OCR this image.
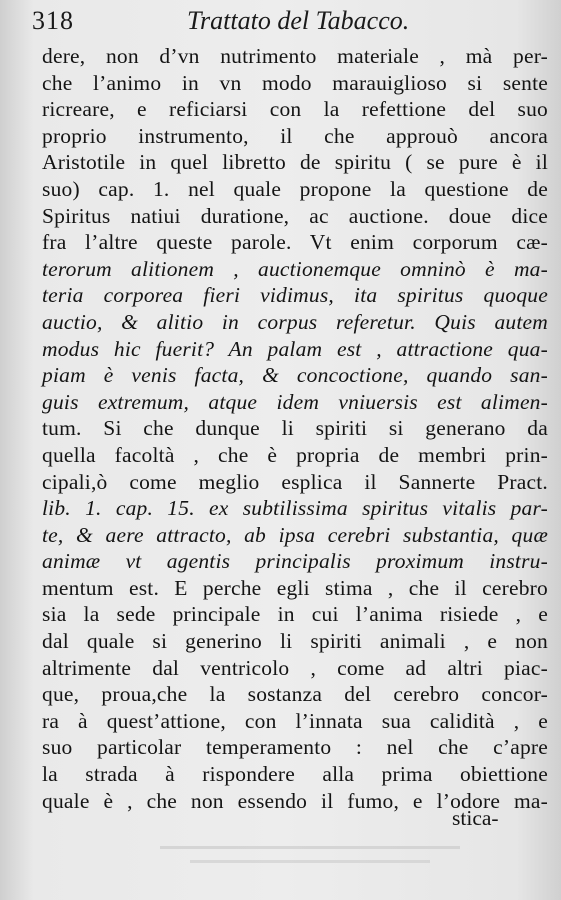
318	Trattato del Tabacco.
dere, non d’vn nutrimento materiale , mà per-
che l’animo in vn modo marauiglioso si sente
ricreare, e reficiarsi con la refettione del suo
proprio instrumento, il che approuò ancora
Aristotile in quel libretto de spiritu ( se pure è il
suo) cap. 1. nel quale propone la questione de
Spiritus natiui duratione, ac auctione. doue dice
fra l’altre queste parole. Vt enim corporum cæ-
terorum alitionem , auctionemque omninò è ma-
teria corporea fieri vidimus, ita spiritus quoque
auctio, & alitio in corpus referetur. Quis autem
modus hic fuerit? An palam est , attractione qua-
piam è venis facta, & concoctione, quando san-
guis extremum, atque idem vniuersis est alimen-
tum. Si che dunque li spiriti si generano da
quella facoltà , che è propria de membri prin-
cipali,ò come meglio esplica il Sannerte Pract.
lib. 1. cap. 15. ex subtilissima spiritus vitalis par-
te, & aere attracto, ab ipsa cerebri substantia, quæ
animæ vt agentis principalis proximum instru-
mentum est. E perche egli stima , che il cerebro
sia la sede principale in cui l’anima risiede , e
dal quale si generino li spiriti animali , e non
altrimente dal ventricolo , come ad altri piac-
que, proua,che la sostanza del cerebro concor-
ra à quest’attione, con l’innata sua calidità , e
suo particolar temperamento : nel che c’apre
la strada à rispondere alla prima obiettione
quale è , che non essendo il fumo, e l’odore ma-
stica-
